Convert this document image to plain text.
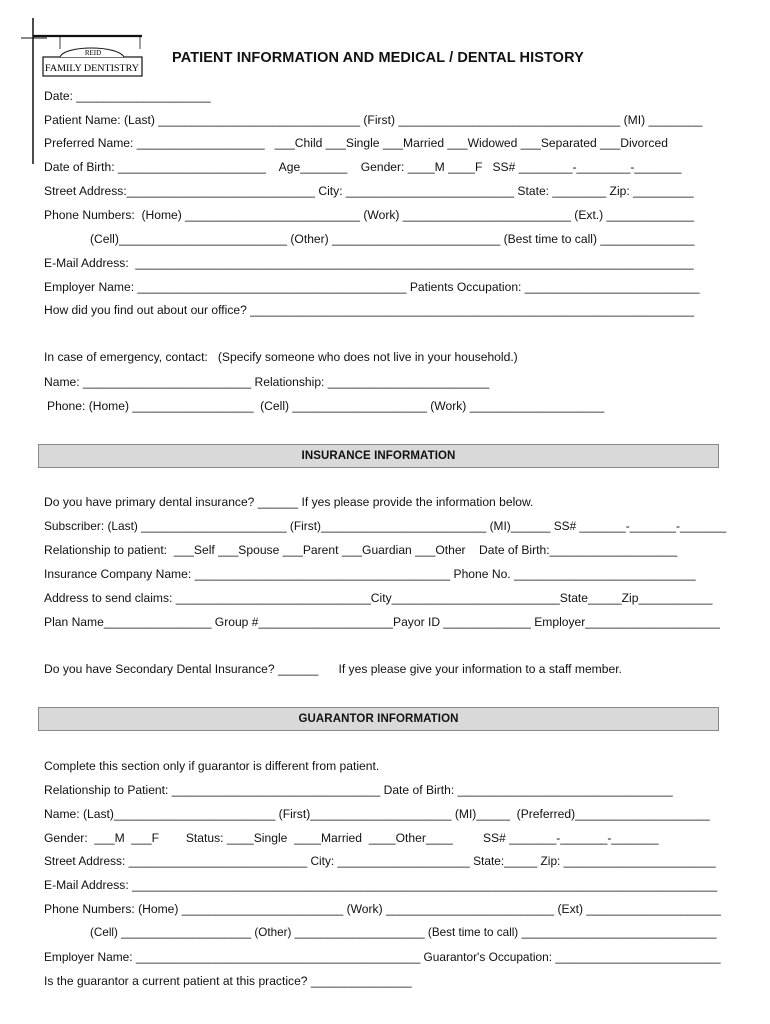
REID
FAMILY DENTISTRY
PATIENT INFORMATION AND MEDICAL / DENTAL HISTORY
Date: ____________________
Patient Name: (Last) ______________________________ (First) _________________________________ (MI) ________
Preferred Name: ___________________   ___Child ___Single ___Married ___Widowed ___Separated ___Divorced
Date of Birth: ______________________    Age_______    Gender: ____M ____F   SS# ________-________-_______
Street Address:____________________________ City: _________________________ State: ________ Zip: _________
Phone Numbers:  (Home) __________________________ (Work) _________________________ (Ext.) _____________
(Cell)_________________________ (Other) _________________________ (Best time to call) ______________
E-Mail Address:  ___________________________________________________________________________________
Employer Name: ________________________________________ Patients Occupation: __________________________
How did you find out about our office? __________________________________________________________________
In case of emergency, contact:   (Specify someone who does not live in your household.)
Name: _________________________ Relationship: ________________________
Phone: (Home) __________________  (Cell) ____________________ (Work) ____________________
INSURANCE INFORMATION
Do you have primary dental insurance? ______ If yes please provide the information below.
Subscriber: (Last) ______________________ (First)_________________________ (MI)______ SS# _______-_______-_______
Relationship to patient:  ___Self ___Spouse ___Parent ___Guardian ___Other    Date of Birth:___________________
Insurance Company Name: ______________________________________ Phone No. ___________________________
Address to send claims: _____________________________City_________________________State_____Zip___________
Plan Name________________ Group #____________________Payor ID _____________ Employer____________________
Do you have Secondary Dental Insurance? ______      If yes please give your information to a staff member.
GUARANTOR INFORMATION
Complete this section only if guarantor is different from patient.
Relationship to Patient: _______________________________ Date of Birth: ________________________________
Name: (Last)________________________ (First)_____________________ (MI)_____  (Preferred)____________________
Gender:  ___M  ___F        Status: ____Single  ____Married  ____Other____         SS# _______-_______-_______
Street Address: ___________________________ City: ____________________ State:_____ Zip: _______________________
E-Mail Address: _______________________________________________________________________________________
Phone Numbers: (Home) ________________________ (Work) _________________________ (Ext) ____________________
(Cell) ____________________ (Other) ____________________ (Best time to call) ______________________________
Employer Name: ___________________________________________ Guarantor's Occupation: _________________________
Is the guarantor a current patient at this practice? _______________
